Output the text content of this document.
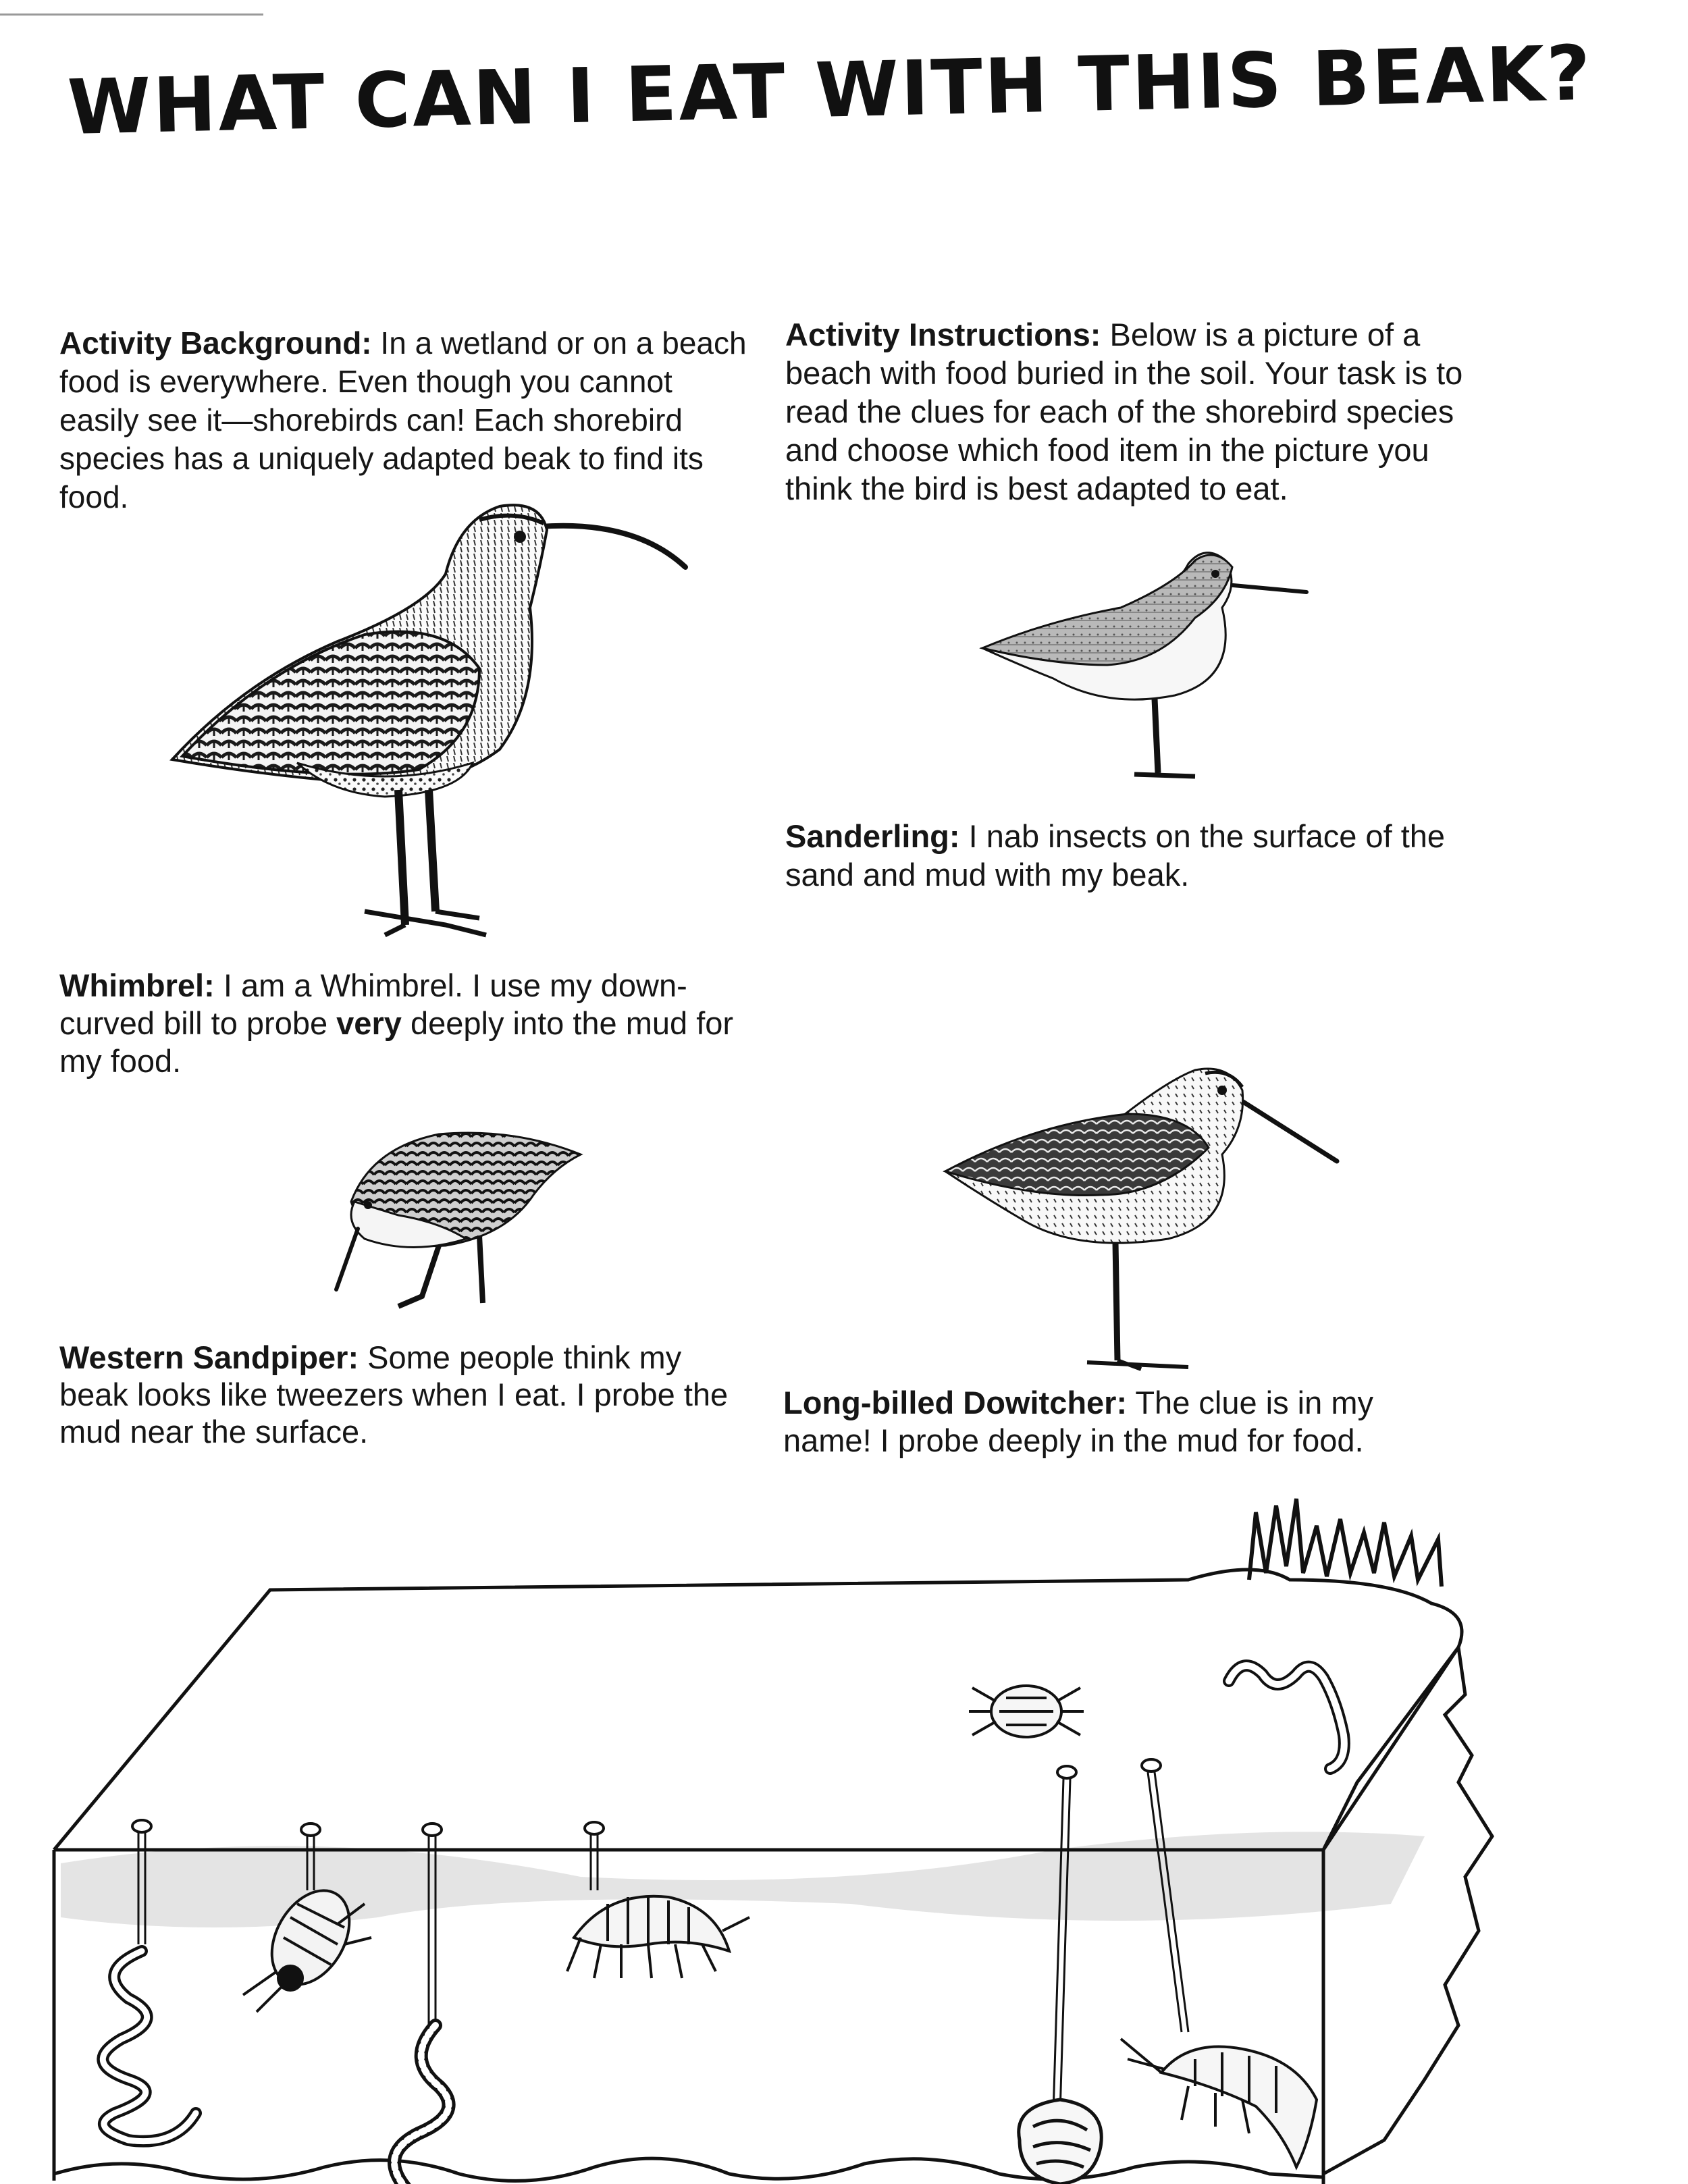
WHAT CAN I EAT WITH THIS BEAK?
Activity Background: In a wetland or on a beach food is everywhere. Even though you cannot easily see it—shorebirds can! Each shorebird species has a uniquely adapted beak to find its food.
Activity Instructions: Below is a picture of a beach with food buried in the soil. Your task is to read the clues for each of the shorebird species and choose which food item in the picture you think the bird is best adapted to eat.
Whimbrel: I am a Whimbrel. I use my down-curved bill to probe very deeply into the mud for my food.
Sanderling: I nab insects on the surface of the sand and mud with my beak.
Western Sandpiper: Some people think my beak looks like tweezers when I eat. I probe the mud near the surface.
Long-billed Dowitcher: The clue is in my name! I probe deeply in the mud for food.
